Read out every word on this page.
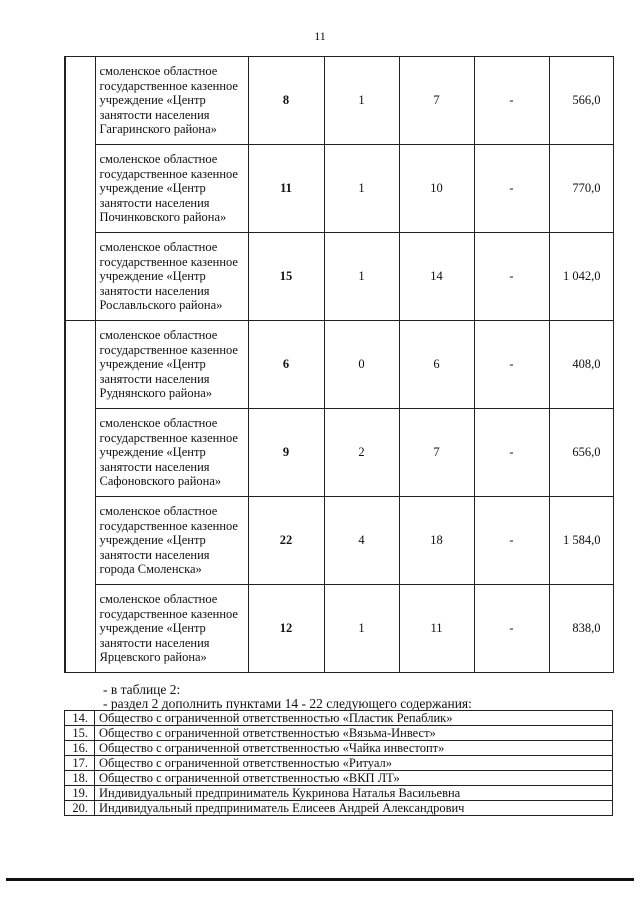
11
	смоленское областное государственное казенное учреждение «Центр занятости населения Гагаринского района»	8	1	7	-	566,0
	смоленское областное государственное казенное учреждение «Центр занятости населения Починковского района»	11	1	10	-	770,0
	смоленское областное государственное казенное учреждение «Центр занятости населения Рославльского района»	15	1	14	-	1 042,0
	смоленское областное государственное казенное учреждение «Центр занятости населения Руднянского района»	6	0	6	-	408,0
	смоленское областное государственное казенное учреждение «Центр занятости населения Сафоновского района»	9	2	7	-	656,0
	смоленское областное государственное казенное учреждение «Центр занятости населения города Смоленска»	22	4	18	-	1 584,0
	смоленское областное государственное казенное учреждение «Центр занятости населения Ярцевского района»	12	1	11	-	838,0
- в таблице 2:
- раздел 2 дополнить пунктами 14 - 22 следующего содержания:
14.	Общество с ограниченной ответственностью «Пластик Репаблик»
15.	Общество с ограниченной ответственностью «Вязьма-Инвест»
16.	Общество с ограниченной ответственностью «Чайка инвестопт»
17.	Общество с ограниченной ответственностью «Ритуал»
18.	Общество с ограниченной ответственностью «ВКП ЛТ»
19.	Индивидуальный предприниматель Кукринова Наталья Васильевна
20.	Индивидуальный предприниматель Елисеев Андрей Александрович
